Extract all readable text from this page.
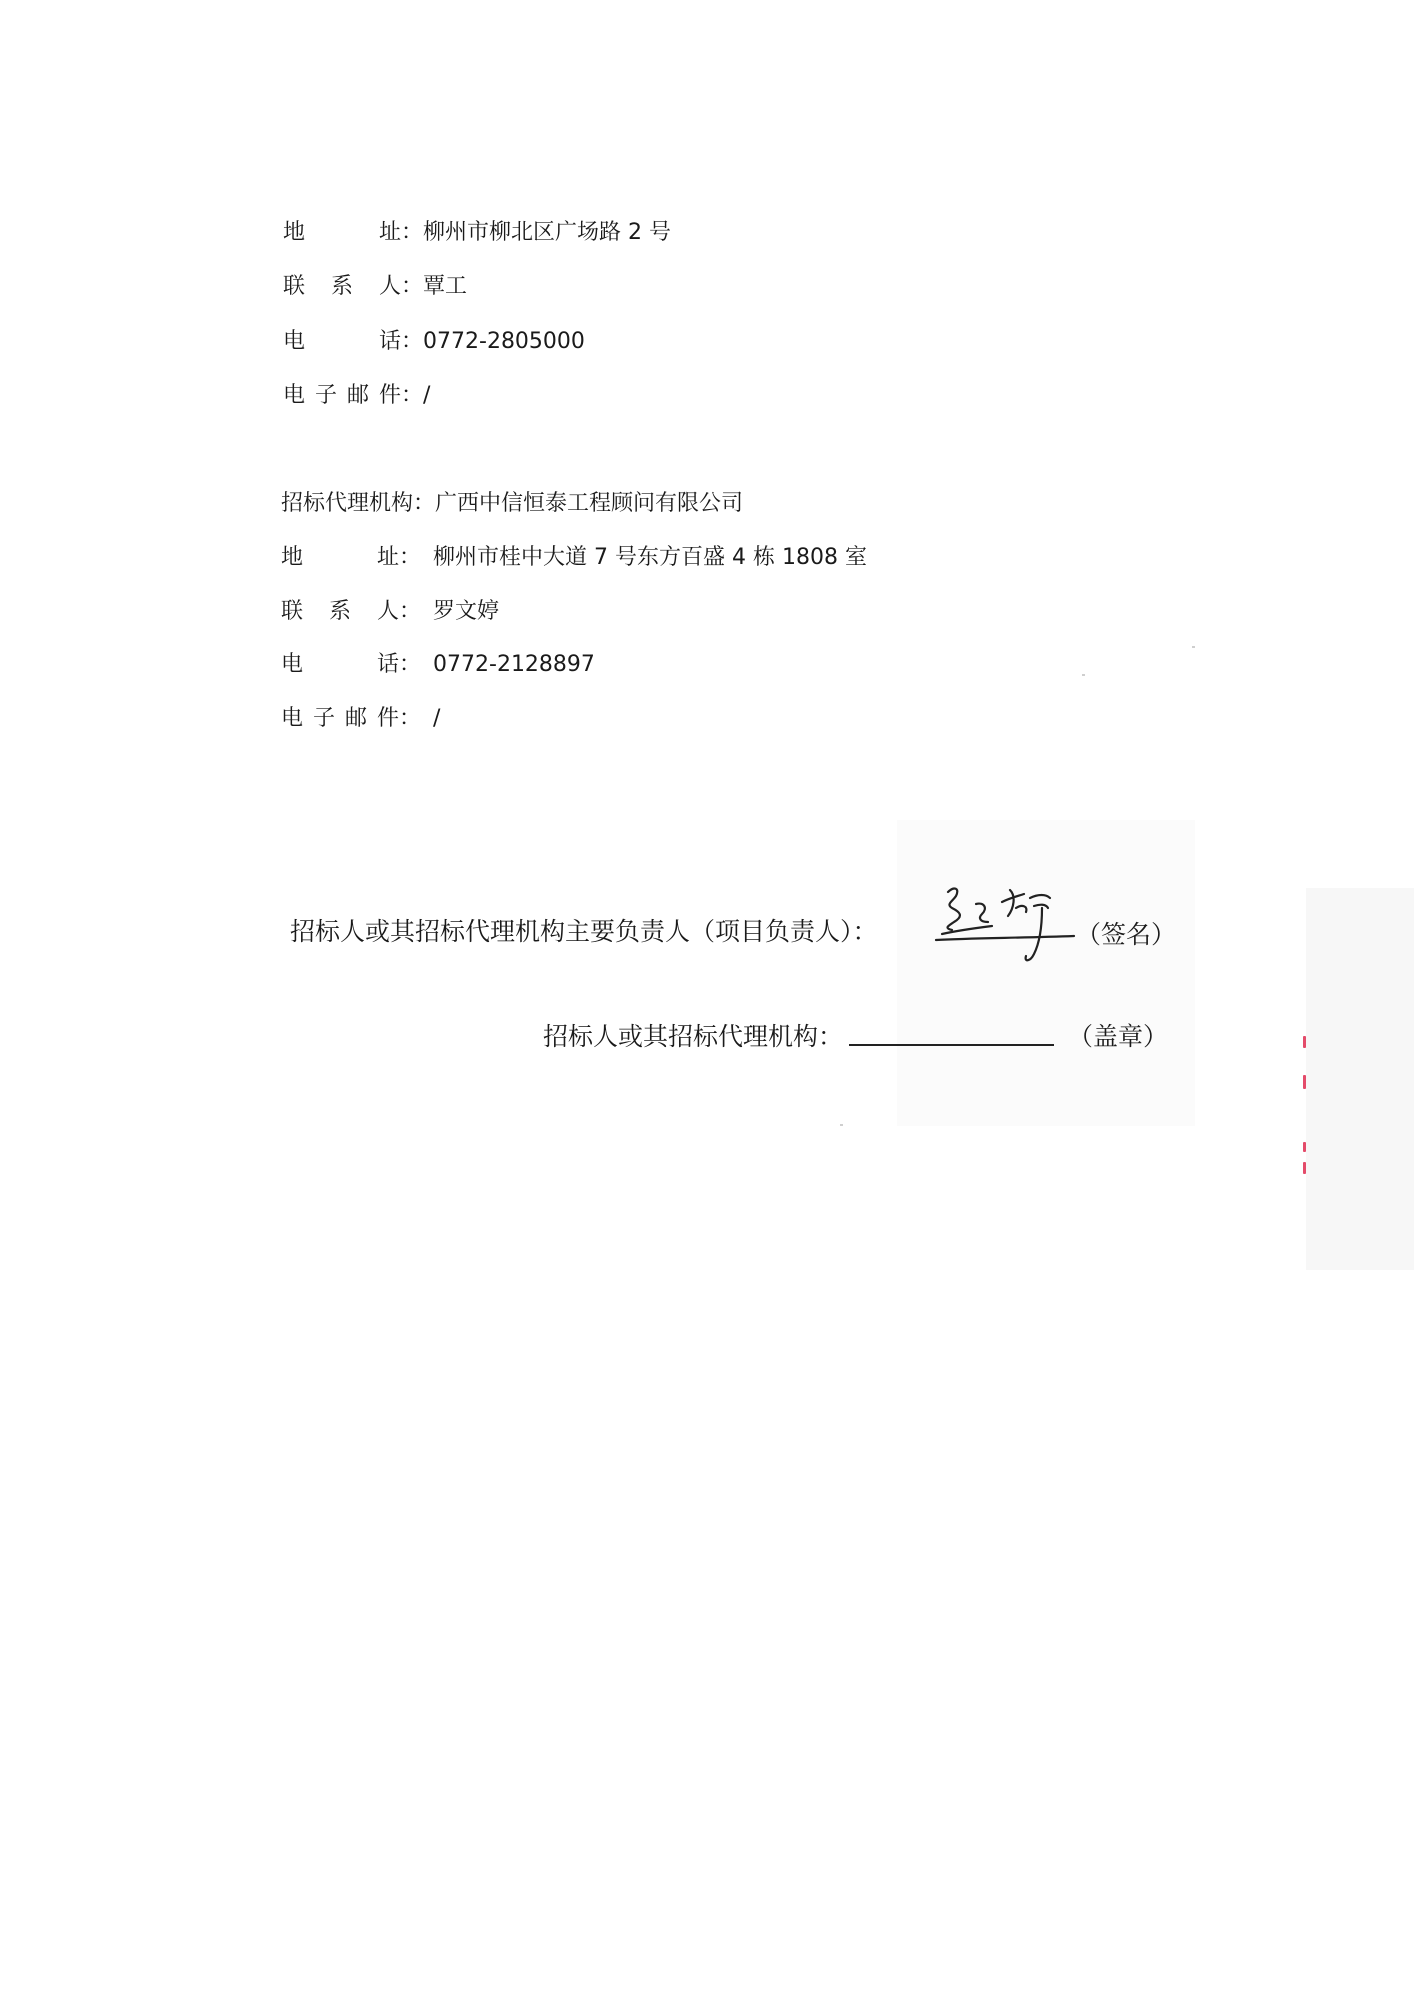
地 址：柳州市柳北区广场路 2 号
联 系 人：覃工
电 话：0772-2805000
电子邮件：/
招标代理机构：广西中信恒泰工程顾问有限公司
地 址： 柳州市桂中大道 7 号东方百盛 4 栋 1808 室
联 系 人： 罗文婷
电 话： 0772-2128897
电子邮件： /
招标人或其招标代理机构主要负责人（项目负责人）：	（签名）
招标人或其招标代理机构：	（盖章）
